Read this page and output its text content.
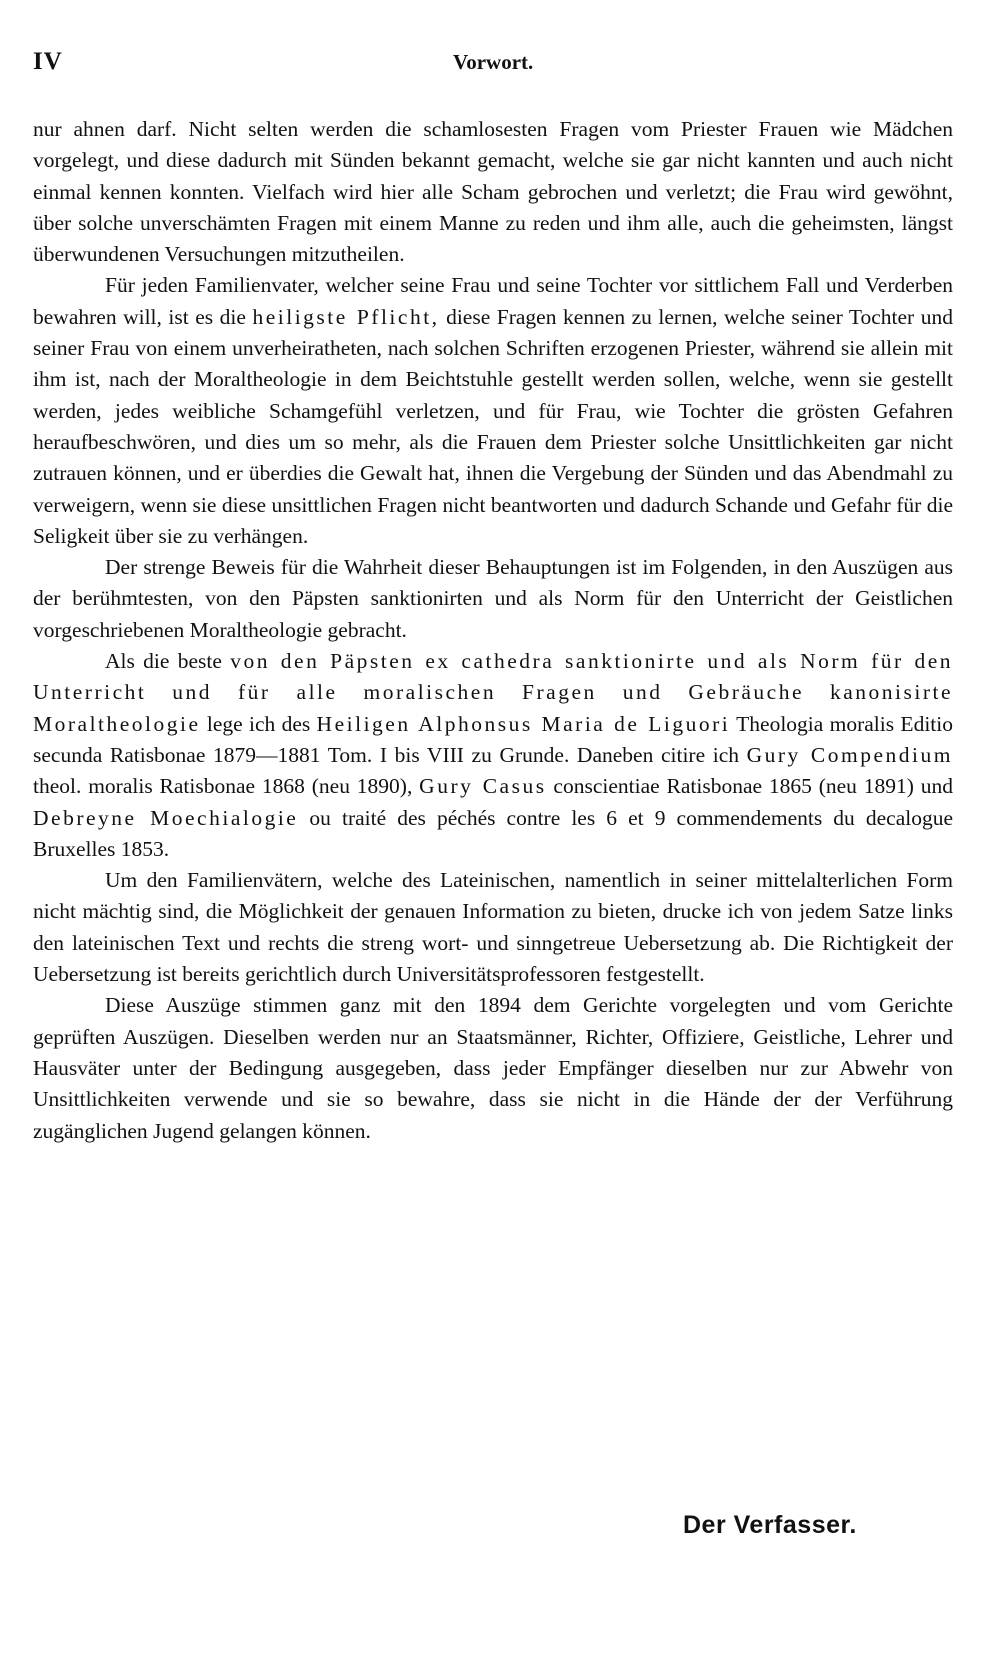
IV	Vorwort.

nur ahnen darf. Nicht selten werden die schamlosesten Fragen vom Priester Frauen wie Mädchen vorgelegt, und diese dadurch mit Sünden bekannt gemacht, welche sie gar nicht kannten und auch nicht einmal kennen konnten. Vielfach wird hier alle Scham gebrochen und verletzt; die Frau wird gewöhnt, über solche unverschämten Fragen mit einem Manne zu reden und ihm alle, auch die geheimsten, längst überwundenen Versuchungen mitzutheilen.

Für jeden Familienvater, welcher seine Frau und seine Tochter vor sittlichem Fall und Verderben bewahren will, ist es die heiligste Pflicht, diese Fragen kennen zu lernen, welche seiner Tochter und seiner Frau von einem unverheiratheten, nach solchen Schriften erzogenen Priester, während sie allein mit ihm ist, nach der Moraltheologie in dem Beichtstuhle gestellt werden sollen, welche, wenn sie gestellt werden, jedes weibliche Schamgefühl verletzen, und für Frau, wie Tochter die grösten Gefahren heraufbeschwören, und dies um so mehr, als die Frauen dem Priester solche Unsittlichkeiten gar nicht zutrauen können, und er überdies die Gewalt hat, ihnen die Vergebung der Sünden und das Abendmahl zu verweigern, wenn sie diese unsittlichen Fragen nicht beantworten und dadurch Schande und Gefahr für die Seligkeit über sie zu verhängen.

Der strenge Beweis für die Wahrheit dieser Behauptungen ist im Folgenden, in den Auszügen aus der berühmtesten, von den Päpsten sanktionirten und als Norm für den Unterricht der Geistlichen vorgeschriebenen Moraltheologie gebracht.

Als die beste von den Päpsten ex cathedra sanktionirte und als Norm für den Unterricht und für alle moralischen Fragen und Gebräuche kanonisirte Moraltheologie lege ich des Heiligen Alphonsus Maria de Liguori Theologia moralis Editio secunda Ratisbonae 1879—1881 Tom. I bis VIII zu Grunde. Daneben citire ich Gury Compendium theol. moralis Ratisbonae 1868 (neu 1890), Gury Casus conscientiae Ratisbonae 1865 (neu 1891) und Debreyne Moechialogie ou traité des péchés contre les 6 et 9 commendements du decalogue Bruxelles 1853.

Um den Familienvätern, welche des Lateinischen, namentlich in seiner mittelalterlichen Form nicht mächtig sind, die Möglichkeit der genauen Information zu bieten, drucke ich von jedem Satze links den lateinischen Text und rechts die streng wort- und sinngetreue Uebersetzung ab. Die Richtigkeit der Uebersetzung ist bereits gerichtlich durch Universitätsprofessoren festgestellt.

Diese Auszüge stimmen ganz mit den 1894 dem Gerichte vorgelegten und vom Gerichte geprüften Auszügen. Dieselben werden nur an Staatsmänner, Richter, Offiziere, Geistliche, Lehrer und Hausväter unter der Bedingung ausgegeben, dass jeder Empfänger dieselben nur zur Abwehr von Unsittlichkeiten verwende und sie so bewahre, dass sie nicht in die Hände der der Verführung zugänglichen Jugend gelangen können.

Der Verfasser.
